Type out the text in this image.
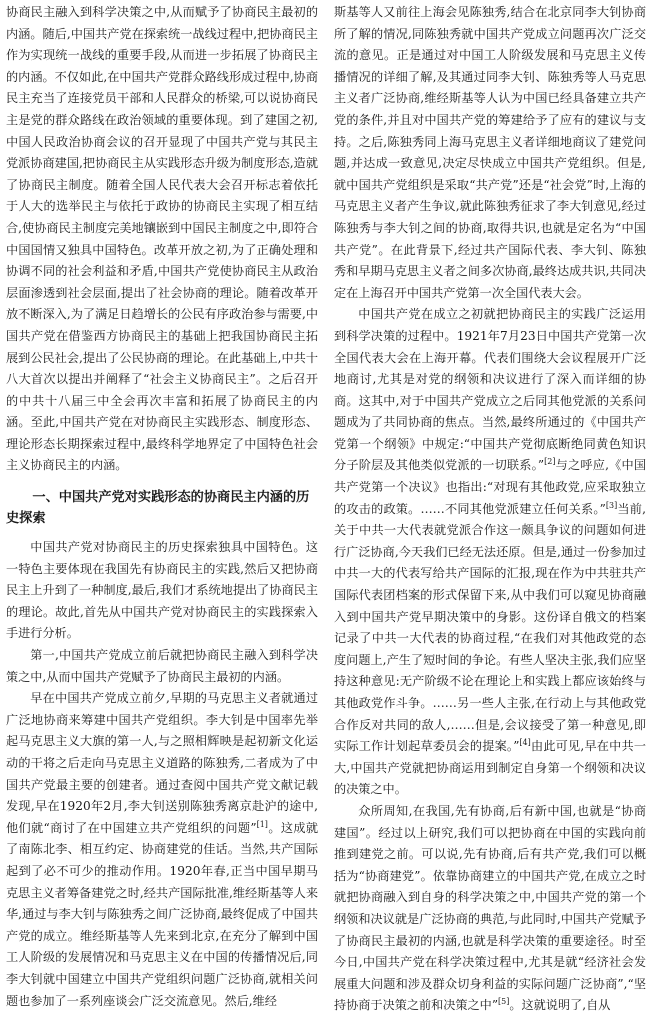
协商民主融入到科学决策之中,从而赋予了协商民主最初的内涵。随后,中国共产党在探索统一战线过程中,把协商民主作为实现统一战线的重要手段,从而进一步拓展了协商民主的内涵。不仅如此,在中国共产党群众路线形成过程中,协商民主充当了连接党员干部和人民群众的桥梁,可以说协商民主是党的群众路线在政治领域的重要体现。到了建国之初,中国人民政治协商会议的召开显现了中国共产党与其民主党派协商建国,把协商民主从实践形态升级为制度形态,造就了协商民主制度。随着全国人民代表大会召开标志着依托于人大的选举民主与依托于政协的协商民主实现了相互结合,使协商民主制度完美地镶嵌到中国民主制度之中,即符合中国国情又独具中国特色。改革开放之初,为了正确处理和协调不同的社会利益和矛盾,中国共产党使协商民主从政治层面渗透到社会层面,提出了社会协商的理论。随着改革开放不断深入,为了满足日趋增长的公民有序政治参与需要,中国共产党在借鉴西方协商民主的基础上把我国协商民主拓展到公民社会,提出了公民协商的理论。在此基础上,中共十八大首次以提出并阐释了“社会主义协商民主”。之后召开的中共十八届三中全会再次丰富和拓展了协商民主的内涵。至此,中国共产党在对协商民主实践形态、制度形态、理论形态长期探索过程中,最终科学地界定了中国特色社会主义协商民主的内涵。

一、中国共产党对实践形态的协商民主内涵的历史探索

中国共产党对协商民主的历史探索独具中国特色。这一特色主要体现在我国先有协商民主的实践,然后又把协商民主上升到了一种制度,最后,我们才系统地提出了协商民主的理论。故此,首先从中国共产党对协商民主的实践探索入手进行分析。

第一,中国共产党成立前后就把协商民主融入到科学决策之中,从而中国共产党赋予了协商民主最初的内涵。

早在中国共产党成立前夕,早期的马克思主义者就通过广泛地协商来筹建中国共产党组织。李大钊是中国率先举起马克思主义大旗的第一人,与之照相辉映是起初新文化运动的干将之后走向马克思主义道路的陈独秀,二者成为了中国共产党最主要的创建者。通过查阅中国共产党文献记载发现,早在1920年2月,李大钊送别陈独秀离京赴沪的途中,他们就“商讨了在中国建立共产党组织的问题”[1]。这成就了南陈北李、相互约定、协商建党的佳话。当然,共产国际起到了必不可少的推动作用。1920年春,正当中国早期马克思主义者筹备建党之时,经共产国际批准,维经斯基等人来华,通过与李大钊与陈独秀之间广泛协商,最终促成了中国共产党的成立。维经斯基等人先来到北京,在充分了解到中国工人阶级的发展情况和马克思主义在中国的传播情况后,同李大钊就中国建立中国共产党组织问题广泛协商,就相关问题也参加了一系列座谈会广泛交流意见。然后,维经

斯基等人又前往上海会见陈独秀,结合在北京同李大钊协商所了解的情况,同陈独秀就中国共产党成立问题再次广泛交流的意见。正是通过对中国工人阶级发展和马克思主义传播情况的详细了解,及其通过同李大钊、陈独秀等人马克思主义者广泛协商,维经斯基等人认为中国已经具备建立共产党的条件,并且对中国共产党的筹建给予了应有的建议与支持。之后,陈独秀同上海马克思主义者详细地商议了建党问题,并达成一致意见,决定尽快成立中国共产党组织。但是,就中国共产党组织是采取“共产党”还是“社会党”时,上海的马克思主义者产生争议,就此陈独秀征求了李大钊意见,经过陈独秀与李大钊之间的协商,取得共识,也就是定名为“中国共产党”。在此背景下,经过共产国际代表、李大钊、陈独秀和早期马克思主义者之间多次协商,最终达成共识,共同决定在上海召开中国共产党第一次全国代表大会。

中国共产党在成立之初就把协商民主的实践广泛运用到科学决策的过程中。1921年7月23日中国共产党第一次全国代表大会在上海开幕。代表们围绕大会议程展开广泛地商讨,尤其是对党的纲领和决议进行了深入而详细的协商。这其中,对于中国共产党成立之后同其他党派的关系问题成为了共同协商的焦点。当然,最终所通过的《中国共产党第一个纲领》中规定:“中国共产党彻底断绝同黄色知识分子阶层及其他类似党派的一切联系。”[2]与之呼应,《中国共产党第一个决议》也指出:“对现有其他政党,应采取独立的攻击的政策。……不同其他党派建立任何关系。”[3]当前,关于中共一大代表就党派合作这一颇具争议的问题如何进行广泛协商,今天我们已经无法还原。但是,通过一份参加过中共一大的代表写给共产国际的汇报,现在作为中共驻共产国际代表团档案的形式保留下来,从中我们可以窥见协商融入到中国共产党早期决策中的身影。这份译自俄文的档案记录了中共一大代表的协商过程,“在我们对其他政党的态度问题上,产生了短时间的争论。有些人坚决主张,我们应坚持这种意见:无产阶级不论在理论上和实践上都应该始终与其他政党作斗争。……另一些人主张,在行动上与其他政党合作反对共同的敌人,……但是,会议接受了第一种意见,即实际工作计划起草委员会的提案。”[4]由此可见,早在中共一大,中国共产党就把协商运用到制定自身第一个纲领和决议的决策之中。

众所周知,在我国,先有协商,后有新中国,也就是“协商建国”。经过以上研究,我们可以把协商在中国的实践向前推到建党之前。可以说,先有协商,后有共产党,我们可以概括为“协商建党”。依靠协商建立的中国共产党,在成立之时就把协商融入到自身的科学决策之中,中国共产党的第一个纲领和决议就是广泛协商的典范,与此同时,中国共产党赋予了协商民主最初的内涵,也就是科学决策的重要途径。时至今日,中国共产党在科学决策过程中,尤其是就“经济社会发展重大问题和涉及群众切身利益的实际问题广泛协商”,“坚持协商于决策之前和决策之中”[5]。这就说明了,自从
